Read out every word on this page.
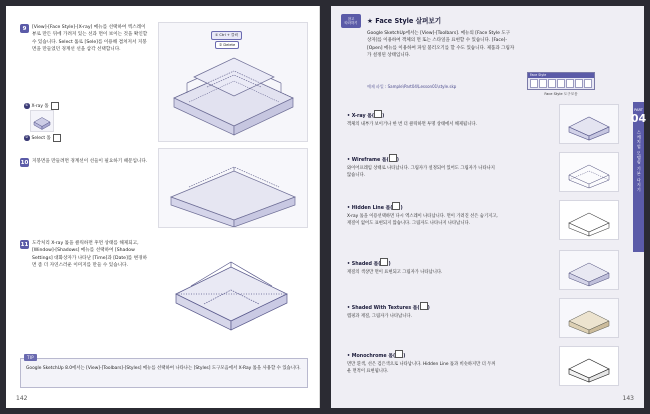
9	[View]-[Face Style]-[X-ray] 메뉴를 선택하여 엑스레이 뷰로 만든 뒤에 가려져 있는 선과 면이 보이는 것을 확인할 수 있습니다. Select 툴로 [Sele]를 이용해 겹쳐져서 지붕면을 만들었던 경계선 선을 삼각 선택합니다.
① X-ray 툴
② Select 툴
① Ctrl + 클릭
② Delete
10 지붕면을 만들려면 경계선이 선들이 필요하기 때문입니다.
11 도각처리 X-ray 툴을 클릭하면 후면 상태를 해제되고, [Window]-[Shadows] 메뉴를 선택하여 [Shadow Settings] 대화상자가 나타난 [Time]과 [Date]를 변경하면 좀 더 자연스러운 이미지를 만들 수 있습니다.
TIP
Google SketchUp 8.0에서는 [View]-[Toolbars]-[Styles] 메뉴를 선택하여 나타나는 [Styles] 도구모음에서 X-Ray 툴을 사용할 수 있습니다.
142
참고
따라하기 ★ Face Style 살펴보기
Google SketchUp에서는 [View]-[Toolbars]. 메뉴의 [Face Style 도구 상자]를 이용하여 객체의 면 또는 스타일을 표현할 수 있습니다. [Face]-[Open] 메뉴를 이용하여 파일 불러오기를 할 수도 있습니다. 제품과 그림자가 설정된 상태입니다.
예제 파일 : Sample\Part04\Lesson01\style.skp
Face Style
Face Style 도구모음
• X-ray 툴( )
객체의 내부가 보이거나 한 번 더 클릭하면 투명 상태에서 해제됩니다.
• Wireframe 툴( )
와이어프레임 상태로 나타납니다. 그림자가 설정되어 있어도 그림자가 나타나지 않습니다.
• Hidden Line 툴( )
X-ray 툴을 이용선택하면 다시 엑스레이 나타납니다. 면이 가려진 선은 숨기지고, 재질이 없어도 표현되지 않습니다. 그림자도 나타나지 나타납니다.
• Shaded 툴( )
재질의 색상만 면이 표현되고 그림자가 나타납니다.
• Shaded With Textures 툴( )
맵핑과 재질, 그림자가 나타납니다.
• Monochrome 툴( )
면만 흰색, 선은 검은색으로 나타납니다. Hidden Line 툴과 비슷하지만 더 두꺼운 면적이 표현됩니다.
PART
04
스케치업 모델링 기본 다지기
143
